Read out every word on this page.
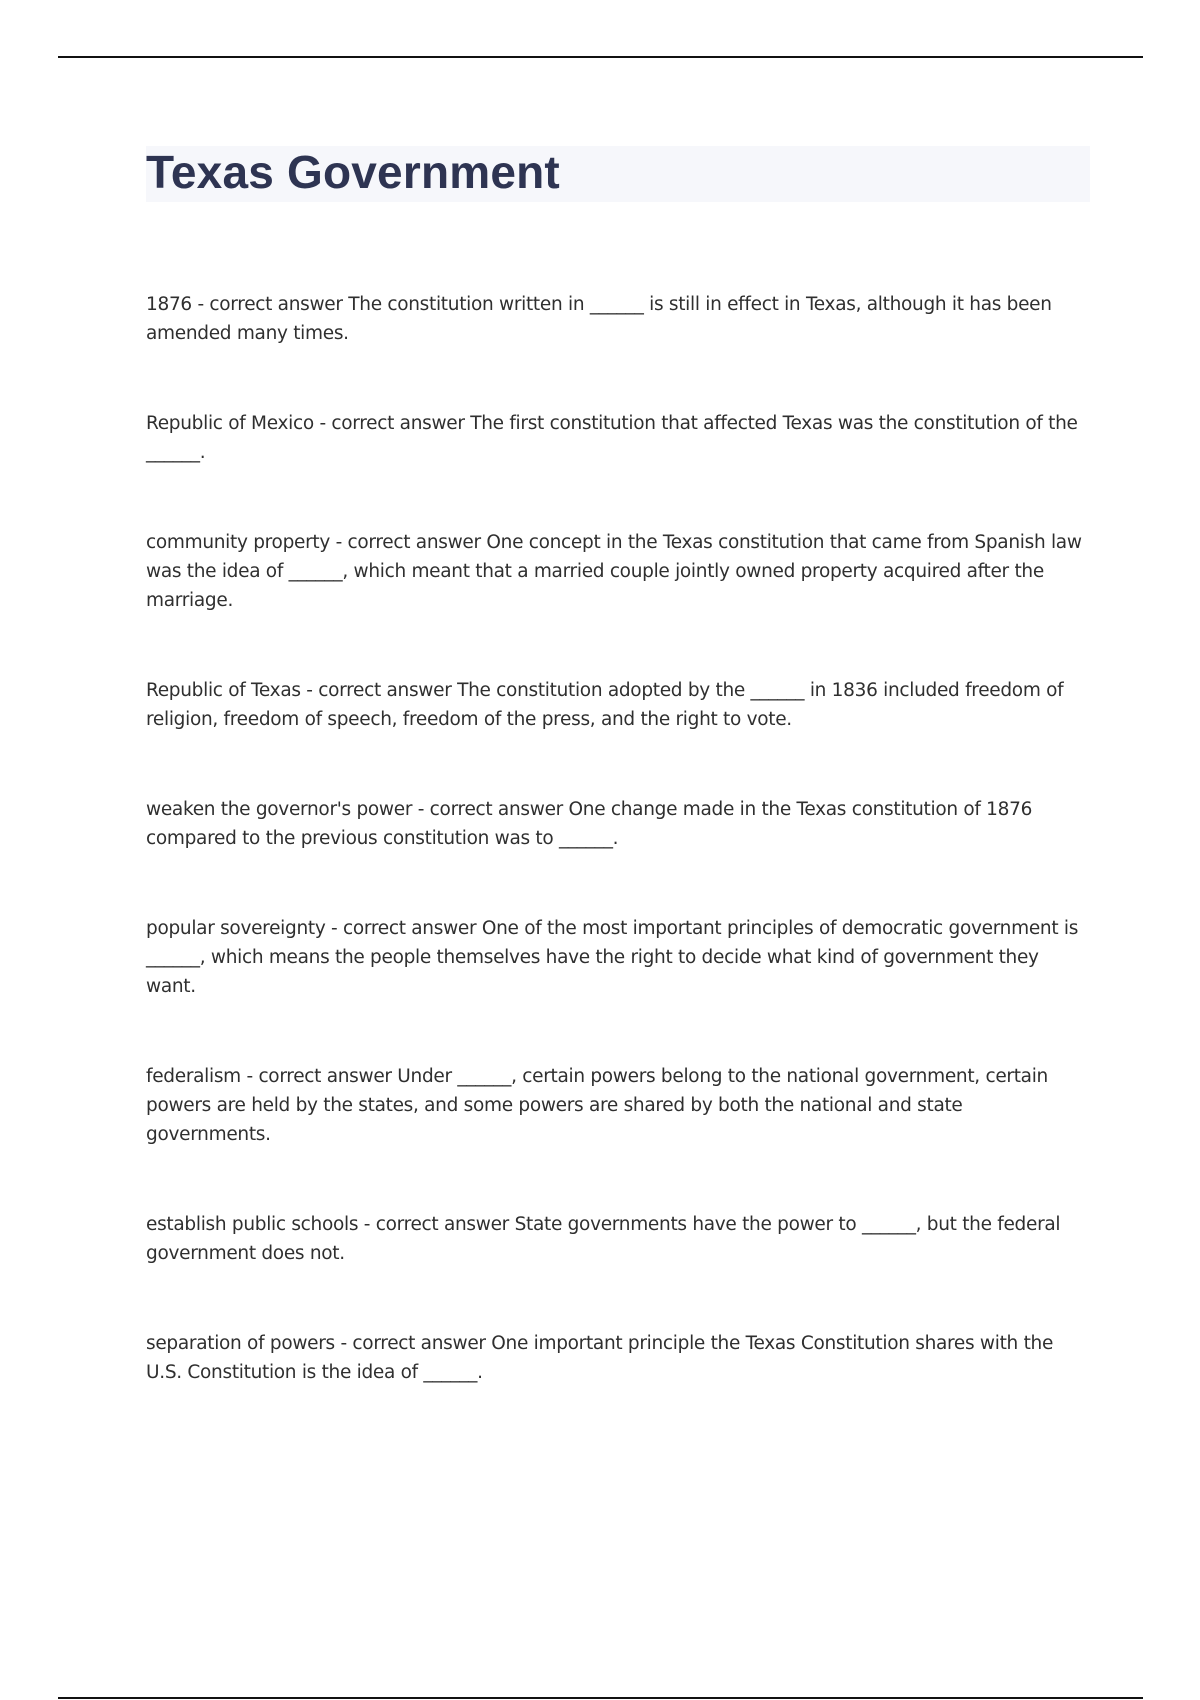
Texas Government

1876 - correct answer The constitution written in ______ is still in effect in Texas, although it has been amended many times.

Republic of Mexico - correct answer The first constitution that affected Texas was the constitution of the ______.

community property - correct answer One concept in the Texas constitution that came from Spanish law was the idea of ______, which meant that a married couple jointly owned property acquired after the marriage.

Republic of Texas - correct answer The constitution adopted by the ______ in 1836 included freedom of religion, freedom of speech, freedom of the press, and the right to vote.

weaken the governor's power - correct answer One change made in the Texas constitution of 1876 compared to the previous constitution was to ______.

popular sovereignty - correct answer One of the most important principles of democratic government is ______, which means the people themselves have the right to decide what kind of government they want.

federalism - correct answer Under ______, certain powers belong to the national government, certain powers are held by the states, and some powers are shared by both the national and state governments.

establish public schools - correct answer State governments have the power to ______, but the federal government does not.

separation of powers - correct answer One important principle the Texas Constitution shares with the U.S. Constitution is the idea of ______.
